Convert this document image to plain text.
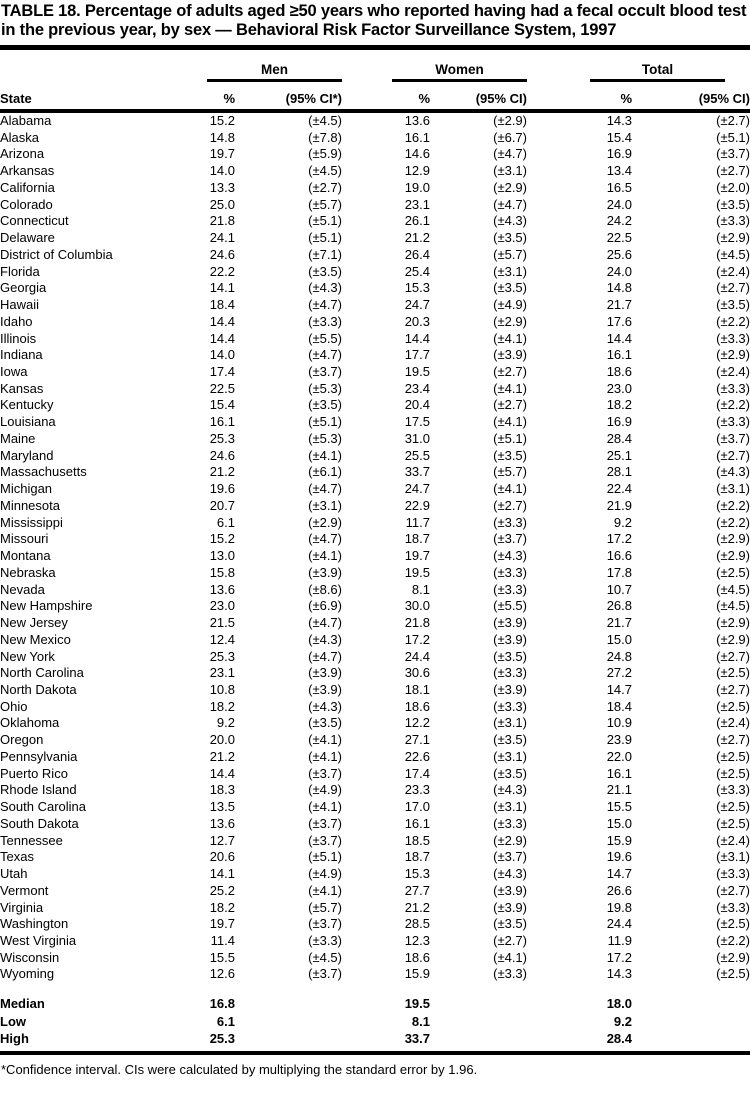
TABLE 18. Percentage of adults aged ≥50 years who reported having had a fecal occult blood test in the previous year, by sex — Behavioral Risk Factor Surveillance System, 1997

	Men		Women		Total	

State	%	(95% CI*)	%	(95% CI)	%	(95% CI)
Alabama	15.2	(±4.5)	13.6	(±2.9)	14.3	(±2.7)
Alaska	14.8	(±7.8)	16.1	(±6.7)	15.4	(±5.1)
Arizona	19.7	(±5.9)	14.6	(±4.7)	16.9	(±3.7)
Arkansas	14.0	(±4.5)	12.9	(±3.1)	13.4	(±2.7)
California	13.3	(±2.7)	19.0	(±2.9)	16.5	(±2.0)
Colorado	25.0	(±5.7)	23.1	(±4.7)	24.0	(±3.5)
Connecticut	21.8	(±5.1)	26.1	(±4.3)	24.2	(±3.3)
Delaware	24.1	(±5.1)	21.2	(±3.5)	22.5	(±2.9)
District of Columbia	24.6	(±7.1)	26.4	(±5.7)	25.6	(±4.5)
Florida	22.2	(±3.5)	25.4	(±3.1)	24.0	(±2.4)
Georgia	14.1	(±4.3)	15.3	(±3.5)	14.8	(±2.7)
Hawaii	18.4	(±4.7)	24.7	(±4.9)	21.7	(±3.5)
Idaho	14.4	(±3.3)	20.3	(±2.9)	17.6	(±2.2)
Illinois	14.4	(±5.5)	14.4	(±4.1)	14.4	(±3.3)
Indiana	14.0	(±4.7)	17.7	(±3.9)	16.1	(±2.9)
Iowa	17.4	(±3.7)	19.5	(±2.7)	18.6	(±2.4)
Kansas	22.5	(±5.3)	23.4	(±4.1)	23.0	(±3.3)
Kentucky	15.4	(±3.5)	20.4	(±2.7)	18.2	(±2.2)
Louisiana	16.1	(±5.1)	17.5	(±4.1)	16.9	(±3.3)
Maine	25.3	(±5.3)	31.0	(±5.1)	28.4	(±3.7)
Maryland	24.6	(±4.1)	25.5	(±3.5)	25.1	(±2.7)
Massachusetts	21.2	(±6.1)	33.7	(±5.7)	28.1	(±4.3)
Michigan	19.6	(±4.7)	24.7	(±4.1)	22.4	(±3.1)
Minnesota	20.7	(±3.1)	22.9	(±2.7)	21.9	(±2.2)
Mississippi	6.1	(±2.9)	11.7	(±3.3)	9.2	(±2.2)
Missouri	15.2	(±4.7)	18.7	(±3.7)	17.2	(±2.9)
Montana	13.0	(±4.1)	19.7	(±4.3)	16.6	(±2.9)
Nebraska	15.8	(±3.9)	19.5	(±3.3)	17.8	(±2.5)
Nevada	13.6	(±8.6)	8.1	(±3.3)	10.7	(±4.5)
New Hampshire	23.0	(±6.9)	30.0	(±5.5)	26.8	(±4.5)
New Jersey	21.5	(±4.7)	21.8	(±3.9)	21.7	(±2.9)
New Mexico	12.4	(±4.3)	17.2	(±3.9)	15.0	(±2.9)
New York	25.3	(±4.7)	24.4	(±3.5)	24.8	(±2.7)
North Carolina	23.1	(±3.9)	30.6	(±3.3)	27.2	(±2.5)
North Dakota	10.8	(±3.9)	18.1	(±3.9)	14.7	(±2.7)
Ohio	18.2	(±4.3)	18.6	(±3.3)	18.4	(±2.5)
Oklahoma	9.2	(±3.5)	12.2	(±3.1)	10.9	(±2.4)
Oregon	20.0	(±4.1)	27.1	(±3.5)	23.9	(±2.7)
Pennsylvania	21.2	(±4.1)	22.6	(±3.1)	22.0	(±2.5)
Puerto Rico	14.4	(±3.7)	17.4	(±3.5)	16.1	(±2.5)
Rhode Island	18.3	(±4.9)	23.3	(±4.3)	21.1	(±3.3)
South Carolina	13.5	(±4.1)	17.0	(±3.1)	15.5	(±2.5)
South Dakota	13.6	(±3.7)	16.1	(±3.3)	15.0	(±2.5)
Tennessee	12.7	(±3.7)	18.5	(±2.9)	15.9	(±2.4)
Texas	20.6	(±5.1)	18.7	(±3.7)	19.6	(±3.1)
Utah	14.1	(±4.9)	15.3	(±4.3)	14.7	(±3.3)
Vermont	25.2	(±4.1)	27.7	(±3.9)	26.6	(±2.7)
Virginia	18.2	(±5.7)	21.2	(±3.9)	19.8	(±3.3)
Washington	19.7	(±3.7)	28.5	(±3.5)	24.4	(±2.5)
West Virginia	11.4	(±3.3)	12.3	(±2.7)	11.9	(±2.2)
Wisconsin	15.5	(±4.5)	18.6	(±4.1)	17.2	(±2.9)
Wyoming	12.6	(±3.7)	15.9	(±3.3)	14.3	(±2.5)
Median	16.8		19.5		18.0	
Low	6.1		8.1		9.2	
High	25.3		33.7		28.4	
*Confidence interval. CIs were calculated by multiplying the standard error by 1.96.
